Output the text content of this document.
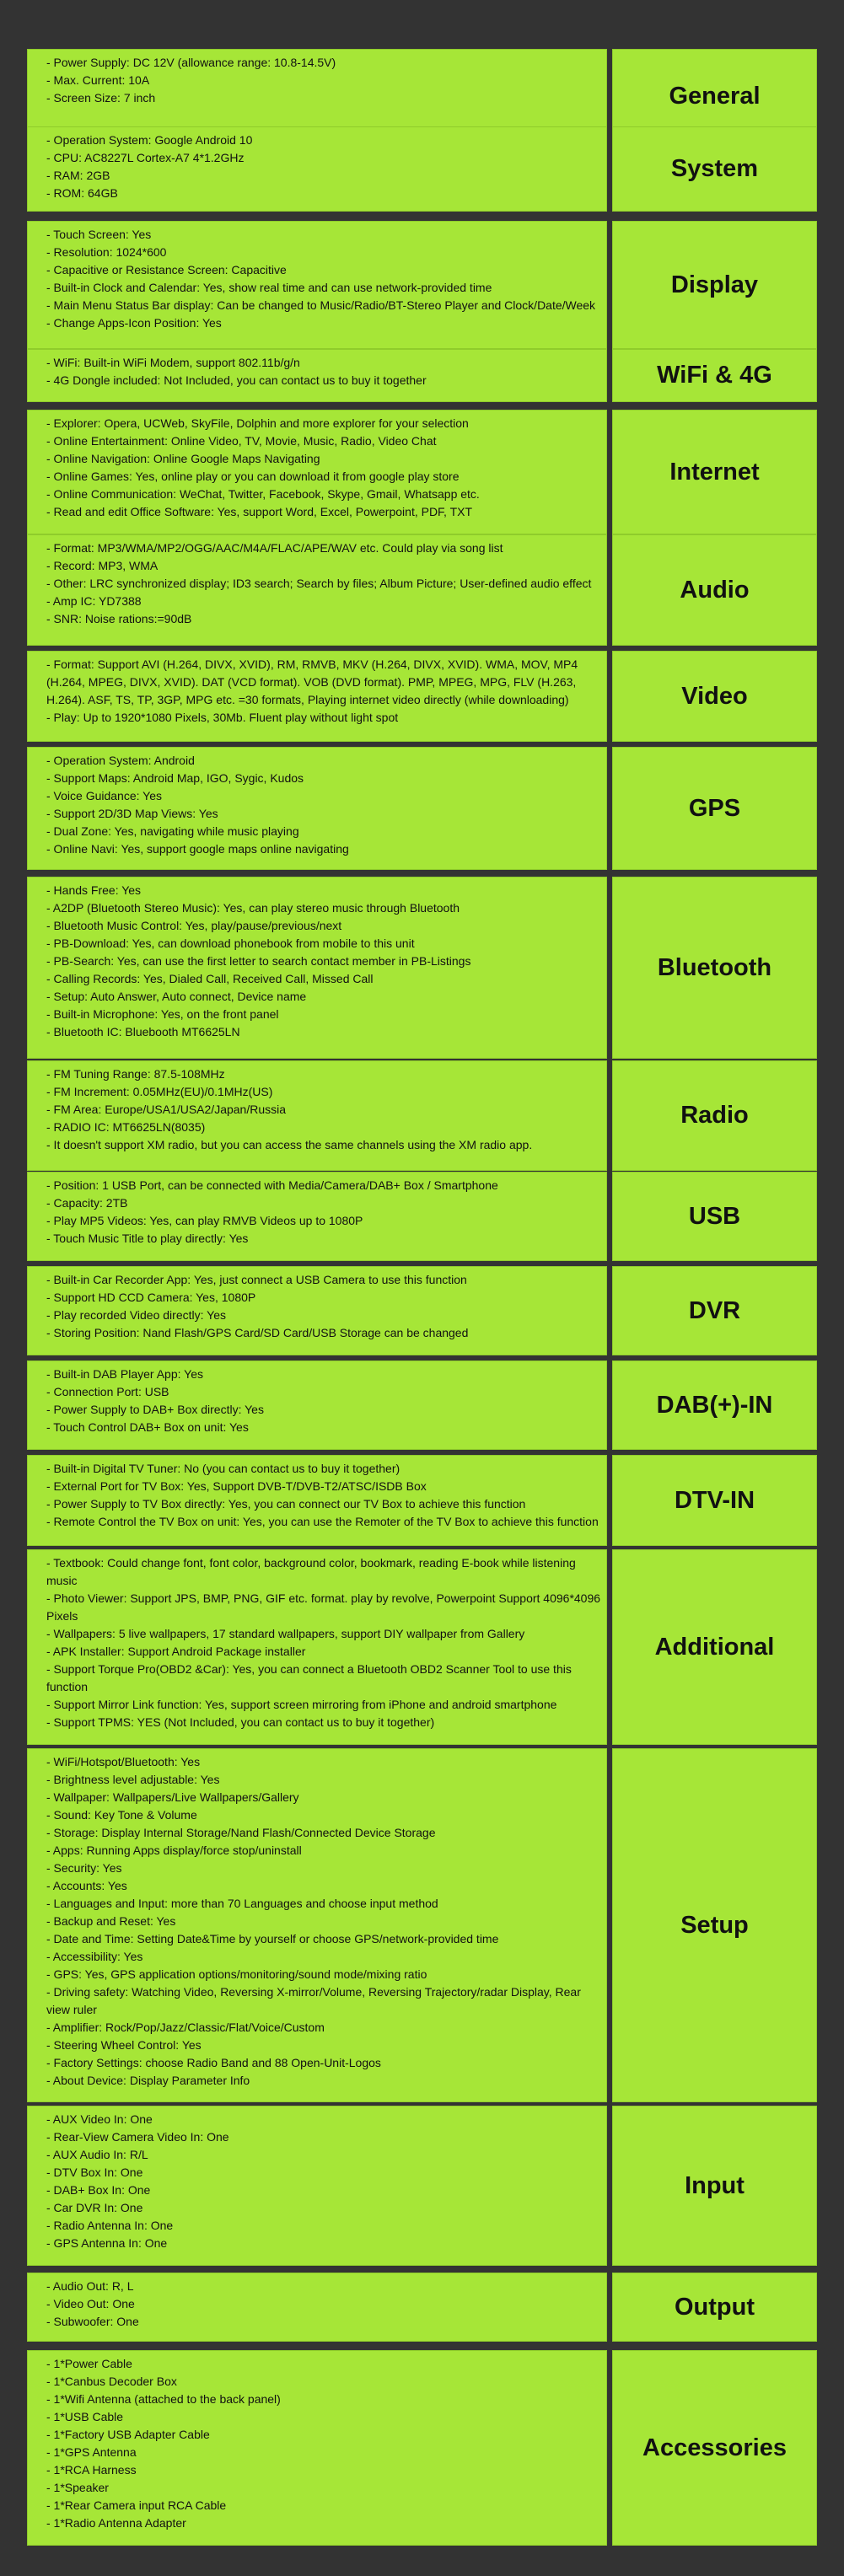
- Power Supply: DC 12V (allowance range: 10.8-14.5V)

- Max. Current: 10A

- Screen Size: 7 inch	General

- Operation System: Google Android 10

- CPU: AC8227L Cortex-A7 4*1.2GHz

- RAM: 2GB

- ROM: 64GB

System

- Touch Screen: Yes

- Resolution: 1024*600

- Capacitive or Resistance Screen: Capacitive

- Built-in Clock and Calendar: Yes, show real time and can use network-provided time

- Main Menu Status Bar display: Can be changed to Music/Radio/BT-Stereo Player and Clock/Date/Week

- Change Apps-Icon Position: Yes

Display

- WiFi: Built-in WiFi Modem, support 802.11b/g/n

- 4G Dongle included: Not Included, you can contact us to buy it together	WiFi & 4G

- Explorer: Opera, UCWeb, SkyFile, Dolphin and more explorer for your selection

- Online Entertainment: Online Video, TV, Movie, Music, Radio, Video Chat

- Online Navigation: Online Google Maps Navigating

- Online Games: Yes, online play or you can download it from google play store

- Online Communication: WeChat, Twitter, Facebook, Skype, Gmail, Whatsapp etc.

- Read and edit Office Software: Yes, support Word, Excel, Powerpoint, PDF, TXT

Internet

- Format: MP3/WMA/MP2/OGG/AAC/M4A/FLAC/APE/WAV etc. Could play via song list

- Record: MP3, WMA

- Other: LRC synchronized display; ID3 search; Search by files; Album Picture; User-defined audio effect

- Amp IC: YD7388

- SNR: Noise rations:=90dB

Audio

- Format: Support AVI (H.264, DIVX, XVID), RM, RMVB, MKV (H.264, DIVX, XVID). WMA, MOV, MP4 (H.264, MPEG, DIVX, XVID). DAT (VCD format). VOB (DVD format). PMP, MPEG, MPG, FLV (H.263, H.264). ASF, TS, TP, 3GP, MPG etc. =30 formats, Playing internet video directly (while downloading)

- Play: Up to 1920*1080 Pixels, 30Mb. Fluent play without light spot

Video

- Operation System: Android

- Support Maps: Android Map, IGO, Sygic, Kudos

- Voice Guidance: Yes

- Support 2D/3D Map Views: Yes

- Dual Zone: Yes, navigating while music playing

- Online Navi: Yes, support google maps online navigating

GPS

- Hands Free: Yes

- A2DP (Bluetooth Stereo Music): Yes, can play stereo music through Bluetooth

- Bluetooth Music Control: Yes, play/pause/previous/next

- PB-Download: Yes, can download phonebook from mobile to this unit

- PB-Search: Yes, can use the first letter to search contact member in PB-Listings

- Calling Records: Yes, Dialed Call, Received Call, Missed Call

- Setup: Auto Answer, Auto connect, Device name

- Built-in Microphone: Yes, on the front panel

- Bluetooth IC: Bluebooth MT6625LN

Bluetooth

- FM Tuning Range: 87.5-108MHz

- FM Increment: 0.05MHz(EU)/0.1MHz(US)

- FM Area: Europe/USA1/USA2/Japan/Russia

- RADIO IC: MT6625LN(8035)

- It doesn't support XM radio, but you can access the same channels using the XM radio app.

Radio

- Position: 1 USB Port, can be connected with Media/Camera/DAB+ Box / Smartphone

- Capacity: 2TB

- Play MP5 Videos: Yes, can play RMVB Videos up to 1080P

- Touch Music Title to play directly: Yes

USB

- Built-in Car Recorder App: Yes, just connect a USB Camera to use this function

- Support HD CCD Camera: Yes, 1080P

- Play recorded Video directly: Yes

- Storing Position: Nand Flash/GPS Card/SD Card/USB Storage can be changed

DVR

- Built-in DAB Player App: Yes

- Connection Port: USB

- Power Supply to DAB+ Box directly: Yes

- Touch Control DAB+ Box on unit: Yes

DAB(+)-IN

- Built-in Digital TV Tuner: No (you can contact us to buy it together)

- External Port for TV Box: Yes, Support DVB-T/DVB-T2/ATSC/ISDB Box

- Power Supply to TV Box directly: Yes, you can connect our TV Box to achieve this function

- Remote Control the TV Box on unit: Yes, you can use the Remoter of the TV Box to achieve this function

DTV-IN

- Textbook: Could change font, font color, background color, bookmark, reading E-book while listening music

- Photo Viewer: Support JPS, BMP, PNG, GIF etc. format. play by revolve, Powerpoint Support 4096*4096 Pixels

- Wallpapers: 5 live wallpapers, 17 standard wallpapers, support DIY wallpaper from Gallery

- APK Installer: Support Android Package installer

- Support Torque Pro(OBD2 &Car): Yes, you can connect a Bluetooth OBD2 Scanner Tool to use this function

- Support Mirror Link function: Yes, support screen mirroring from iPhone and android smartphone

- Support TPMS: YES (Not Included, you can contact us to buy it together)

Additional

- WiFi/Hotspot/Bluetooth: Yes

- Brightness level adjustable: Yes

- Wallpaper: Wallpapers/Live Wallpapers/Gallery

- Sound: Key Tone & Volume

- Storage: Display Internal Storage/Nand Flash/Connected Device Storage

- Apps: Running Apps display/force stop/uninstall

- Security: Yes

- Accounts: Yes

- Languages and Input: more than 70 Languages and choose input method

- Backup and Reset: Yes

- Date and Time: Setting Date&Time by yourself or choose GPS/network-provided time

- Accessibility: Yes

- GPS: Yes, GPS application options/monitoring/sound mode/mixing ratio

- Driving safety: Watching Video, Reversing X-mirror/Volume, Reversing Trajectory/radar Display, Rear view ruler

- Amplifier: Rock/Pop/Jazz/Classic/Flat/Voice/Custom

- Steering Wheel Control: Yes

- Factory Settings: choose Radio Band and 88 Open-Unit-Logos

- About Device: Display Parameter Info

Setup

- AUX Video In: One

- Rear-View Camera Video In: One

- AUX Audio In: R/L

- DTV Box In: One

- DAB+ Box In: One

- Car DVR In: One

- Radio Antenna In: One

- GPS Antenna In: One

Input

- Audio Out: R, L

- Video Out: One

- Subwoofer: One

Output

- 1*Power Cable

- 1*Canbus Decoder Box

- 1*Wifi Antenna (attached to the back panel)

- 1*USB Cable

- 1*Factory USB Adapter Cable

- 1*GPS Antenna

- 1*RCA Harness

- 1*Speaker

- 1*Rear Camera input RCA Cable

- 1*Radio Antenna Adapter

Accessories
